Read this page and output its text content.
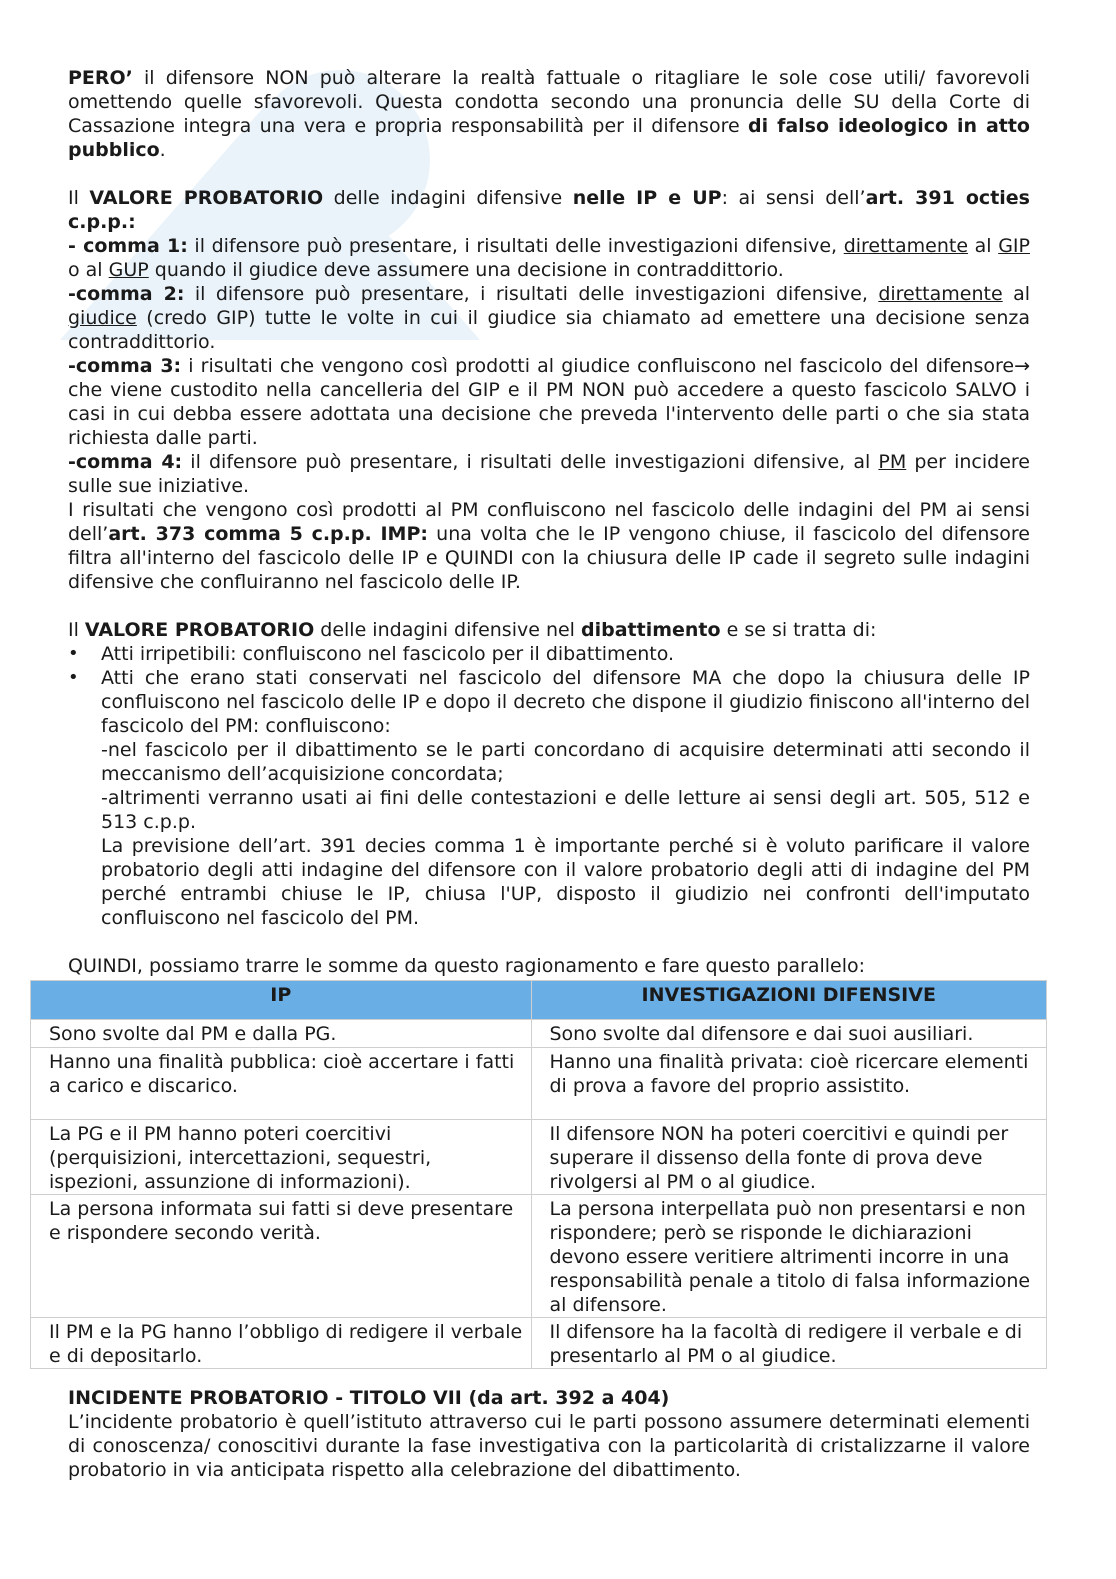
PERO’ il difensore NON può alterare la realtà fattuale o ritagliare le sole cose utili/ favorevoli omettendo quelle sfavorevoli. Questa condotta secondo una pronuncia delle SU della Corte di Cassazione integra una vera e propria responsabilità per il difensore di falso ideologico in atto pubblico.

Il VALORE PROBATORIO delle indagini difensive nelle IP e UP: ai sensi dell’art. 391 octies c.p.p.:

- comma 1: il difensore può presentare, i risultati delle investigazioni difensive, direttamente al GIP o al GUP quando il giudice deve assumere una decisione in contraddittorio.

-comma 2: il difensore può presentare, i risultati delle investigazioni difensive, direttamente al giudice (credo GIP) tutte le volte in cui il giudice sia chiamato ad emettere una decisione senza contraddittorio.

-comma 3: i risultati che vengono così prodotti al giudice confluiscono nel fascicolo del difensore→ che viene custodito nella cancelleria del GIP e il PM NON può accedere a questo fascicolo SALVO i casi in cui debba essere adottata una decisione che preveda l'intervento delle parti o che sia stata richiesta dalle parti.

-comma 4: il difensore può presentare, i risultati delle investigazioni difensive, al PM per incidere sulle sue iniziative.

I risultati che vengono così prodotti al PM confluiscono nel fascicolo delle indagini del PM ai sensi dell’art. 373 comma 5 c.p.p. IMP: una volta che le IP vengono chiuse, il fascicolo del difensore filtra all'interno del fascicolo delle IP e QUINDI con la chiusura delle IP cade il segreto sulle indagini difensive che confluiranno nel fascicolo delle IP.

Il VALORE PROBATORIO delle indagini difensive nel dibattimento e se si tratta di:

• Atti irripetibili: confluiscono nel fascicolo per il dibattimento.
• Atti che erano stati conservati nel fascicolo del difensore MA che dopo la chiusura delle IP confluiscono nel fascicolo delle IP e dopo il decreto che dispone il giudizio finiscono all'interno del fascicolo del PM: confluiscono:
-nel fascicolo per il dibattimento se le parti concordano di acquisire determinati atti secondo il meccanismo dell’acquisizione concordata;
-altrimenti verranno usati ai fini delle contestazioni e delle letture ai sensi degli art. 505, 512 e 513 c.p.p.
La previsione dell’art. 391 decies comma 1 è importante perché si è voluto parificare il valore probatorio degli atti indagine del difensore con il valore probatorio degli atti di indagine del PM perché entrambi chiuse le IP, chiusa l'UP, disposto il giudizio nei confronti dell'imputato confluiscono nel fascicolo del PM.

QUINDI, possiamo trarre le somme da questo ragionamento e fare questo parallelo:

IP	INVESTIGAZIONI DIFENSIVE
Sono svolte dal PM e dalla PG.	Sono svolte dal difensore e dai suoi ausiliari.
Hanno una finalità pubblica: cioè accertare i fatti a carico e discarico.	Hanno una finalità privata: cioè ricercare elementi di prova a favore del proprio assistito.
La PG e il PM hanno poteri coercitivi (perquisizioni, intercettazioni, sequestri, ispezioni, assunzione di informazioni).	Il difensore NON ha poteri coercitivi e quindi per superare il dissenso della fonte di prova deve rivolgersi al PM o al giudice.
La persona informata sui fatti si deve presentare e rispondere secondo verità.	La persona interpellata può non presentarsi e non rispondere; però se risponde le dichiarazioni devono essere veritiere altrimenti incorre in una responsabilità penale a titolo di falsa informazione al difensore.
Il PM e la PG hanno l’obbligo di redigere il verbale e di depositarlo.	Il difensore ha la facoltà di redigere il verbale e di presentarlo al PM o al giudice.

INCIDENTE PROBATORIO - TITOLO VII (da art. 392 a 404)

L’incidente probatorio è quell’istituto attraverso cui le parti possono assumere determinati elementi di conoscenza/ conoscitivi durante la fase investigativa con la particolarità di cristalizzarne il valore probatorio in via anticipata rispetto alla celebrazione del dibattimento.
